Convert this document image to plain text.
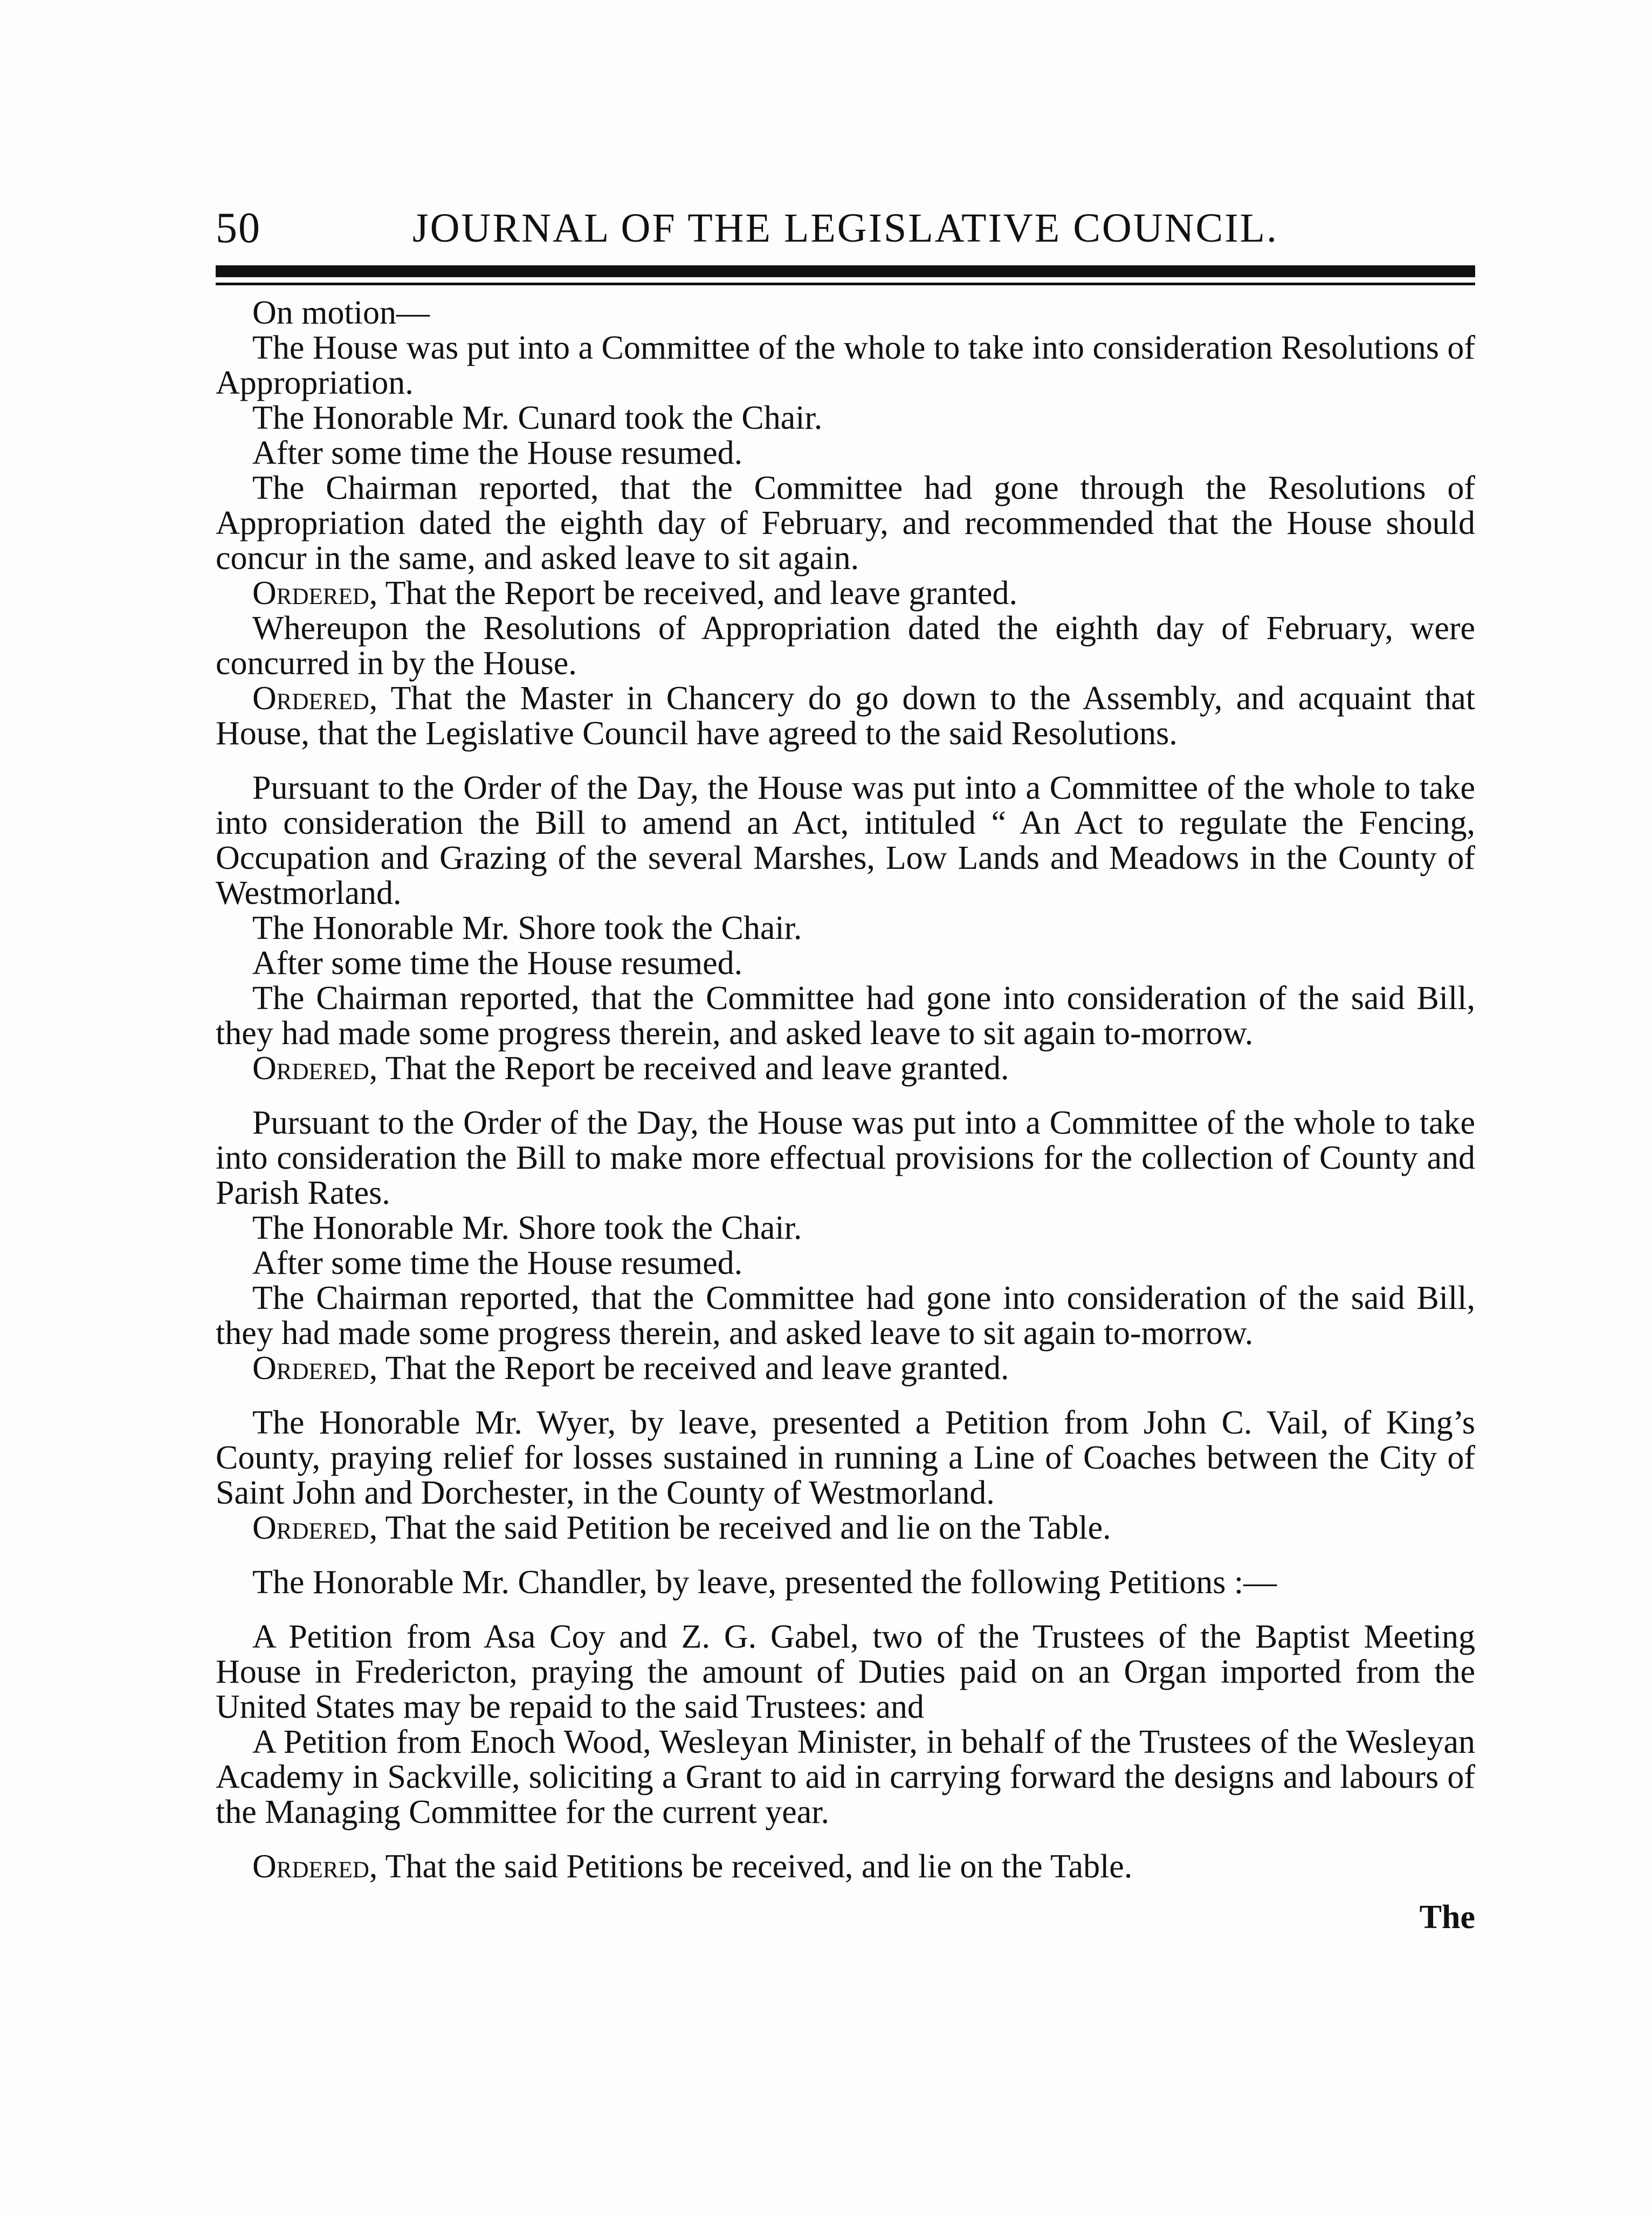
50	JOURNAL OF THE LEGISLATIVE COUNCIL.

On motion—

The House was put into a Committee of the whole to take into consideration Resolutions of Appropriation.

The Honorable Mr. Cunard took the Chair.

After some time the House resumed.

The Chairman reported, that the Committee had gone through the Resolutions of Appropriation dated the eighth day of February, and recommended that the House should concur in the same, and asked leave to sit again.

Ordered, That the Report be received, and leave granted.

Whereupon the Resolutions of Appropriation dated the eighth day of February, were concurred in by the House.

Ordered, That the Master in Chancery do go down to the Assembly, and acquaint that House, that the Legislative Council have agreed to the said Resolutions.

Pursuant to the Order of the Day, the House was put into a Committee of the whole to take into consideration the Bill to amend an Act, intituled “ An Act to regulate the Fencing, Occupation and Grazing of the several Marshes, Low Lands and Meadows in the County of Westmorland.

The Honorable Mr. Shore took the Chair.

After some time the House resumed.

The Chairman reported, that the Committee had gone into consideration of the said Bill, they had made some progress therein, and asked leave to sit again to-morrow.

Ordered, That the Report be received and leave granted.

Pursuant to the Order of the Day, the House was put into a Committee of the whole to take into consideration the Bill to make more effectual provisions for the collection of County and Parish Rates.

The Honorable Mr. Shore took the Chair.

After some time the House resumed.

The Chairman reported, that the Committee had gone into consideration of the said Bill, they had made some progress therein, and asked leave to sit again to-morrow.

Ordered, That the Report be received and leave granted.

The Honorable Mr. Wyer, by leave, presented a Petition from John C. Vail, of King’s County, praying relief for losses sustained in running a Line of Coaches between the City of Saint John and Dorchester, in the County of Westmorland.

Ordered, That the said Petition be received and lie on the Table.

The Honorable Mr. Chandler, by leave, presented the following Petitions :—

A Petition from Asa Coy and Z. G. Gabel, two of the Trustees of the Baptist Meeting House in Fredericton, praying the amount of Duties paid on an Organ imported from the United States may be repaid to the said Trustees: and

A Petition from Enoch Wood, Wesleyan Minister, in behalf of the Trustees of the Wesleyan Academy in Sackville, soliciting a Grant to aid in carrying forward the designs and labours of the Managing Committee for the current year.

Ordered, That the said Petitions be received, and lie on the Table.

The
